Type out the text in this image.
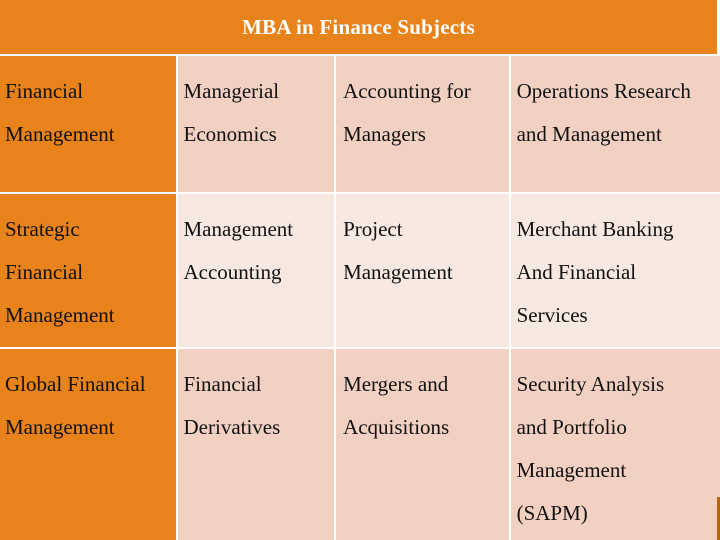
MBA in Finance Subjects
Financial
Management
Managerial
Economics
Accounting for
Managers
Operations Research
and Management
Strategic
Financial
Management
Management
Accounting
Project
Management
Merchant Banking
And Financial
Services
Global Financial
Management
Financial
Derivatives
Mergers and
Acquisitions
Security Analysis
and Portfolio
Management
(SAPM)
